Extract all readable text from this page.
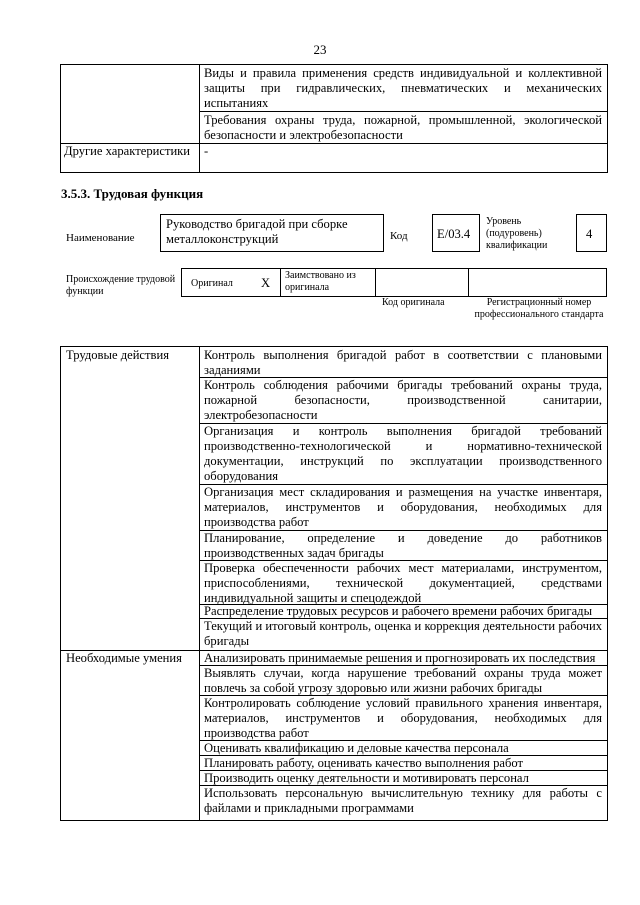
23
Виды и правила применения средств индивидуальной и коллективной защиты при гидравлических, пневматических и механических испытаниях
Требования охраны труда, пожарной, промышленной, экологической безопасности и электробезопасности
Другие характеристики -
3.5.3. Трудовая функция
Наименование
Руководство бригадой при сборке металлоконструкций	Код E/03.4
Уровень (подуровень) квалификации
4
Происхождение трудовой функции
Оригинал X
Заимствовано из оригинала
Код оригинала	Регистрационный номер профессионального стандарта
Трудовые действия
Необходимые умения
Контроль выполнения бригадой работ в соответствии с плановыми заданиями
Контроль соблюдения рабочими бригады требований охраны труда, пожарной безопасности, производственной санитарии, электробезопасности
Организация и контроль выполнения бригадой требований производственно-технологической и нормативно-технической документации, инструкций по эксплуатации производственного оборудования
Организация мест складирования и размещения на участке инвентаря, материалов, инструментов и оборудования, необходимых для производства работ
Планирование, определение и доведение до работников производственных задач бригады
Проверка обеспеченности рабочих мест материалами, инструментом, приспособлениями, технической документацией, средствами индивидуальной защиты и спецодеждой
Распределение трудовых ресурсов и рабочего времени рабочих бригады
Текущий и итоговый контроль, оценка и коррекция деятельности рабочих бригады
Анализировать принимаемые решения и прогнозировать их последствия
Выявлять случаи, когда нарушение требований охраны труда может повлечь за собой угрозу здоровью или жизни рабочих бригады
Контролировать соблюдение условий правильного хранения инвентаря, материалов, инструментов и оборудования, необходимых для производства работ
Оценивать квалификацию и деловые качества персонала
Планировать работу, оценивать качество выполнения работ
Производить оценку деятельности и мотивировать персонал
Использовать персональную вычислительную технику для работы с файлами и прикладными программами
